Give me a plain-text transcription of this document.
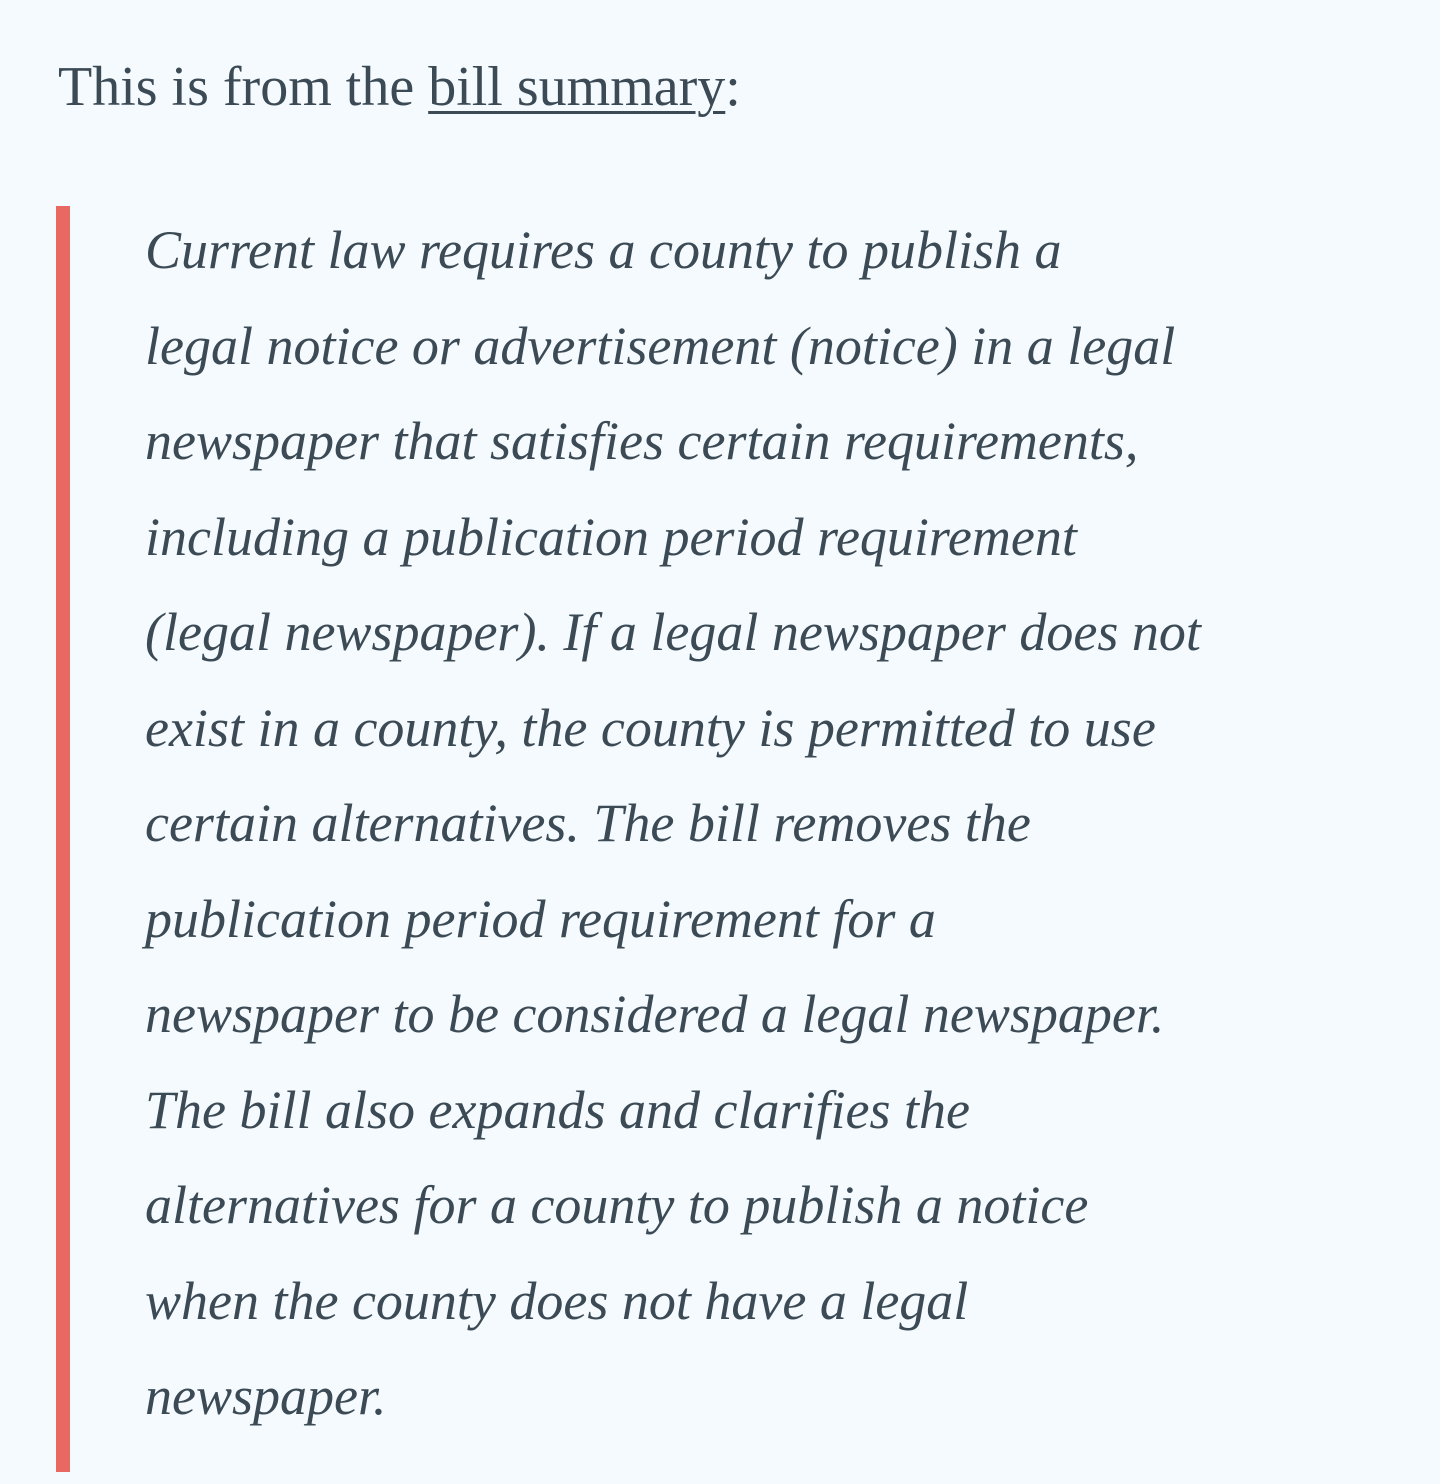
This is from the bill summary:

Current law requires a county to publish a
legal notice or advertisement (notice) in a legal
newspaper that satisfies certain requirements,
including a publication period requirement
(legal newspaper). If a legal newspaper does not
exist in a county, the county is permitted to use
certain alternatives. The bill removes the
publication period requirement for a
newspaper to be considered a legal newspaper.
The bill also expands and clarifies the
alternatives for a county to publish a notice
when the county does not have a legal
newspaper.
